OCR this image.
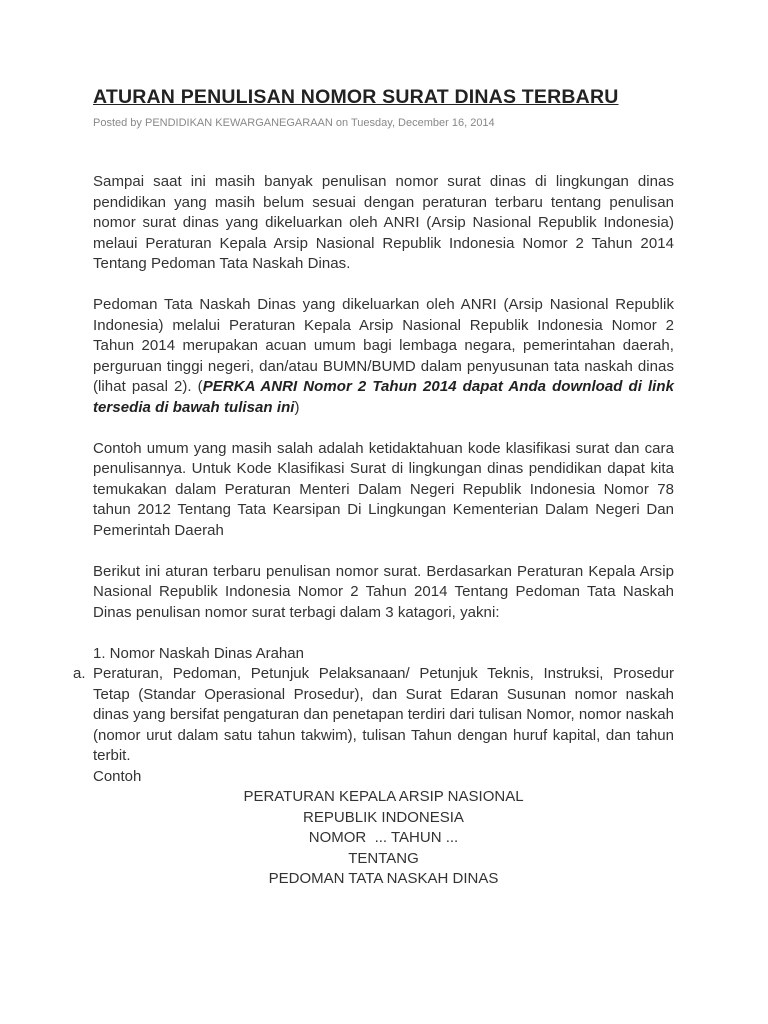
ATURAN PENULISAN NOMOR SURAT DINAS TERBARU
Posted by PENDIDIKAN KEWARGANEGARAAN on Tuesday, December 16, 2014

Sampai saat ini masih banyak penulisan nomor surat dinas di lingkungan dinas pendidikan yang masih belum sesuai dengan peraturan terbaru tentang penulisan nomor surat dinas yang dikeluarkan oleh ANRI (Arsip Nasional Republik Indonesia) melaui Peraturan Kepala Arsip Nasional Republik Indonesia Nomor 2 Tahun 2014 Tentang Pedoman Tata Naskah Dinas.

Pedoman Tata Naskah Dinas yang dikeluarkan oleh ANRI (Arsip Nasional Republik Indonesia) melalui Peraturan Kepala Arsip Nasional Republik Indonesia Nomor 2 Tahun 2014 merupakan acuan umum bagi lembaga negara, pemerintahan daerah, perguruan tinggi negeri, dan/atau BUMN/BUMD dalam penyusunan tata naskah dinas (lihat pasal 2). (PERKA ANRI Nomor 2 Tahun 2014 dapat Anda download di link tersedia di bawah tulisan ini)

Contoh umum yang masih salah adalah ketidaktahuan kode klasifikasi surat dan cara penulisannya. Untuk Kode Klasifikasi Surat di lingkungan dinas pendidikan dapat kita temukakan dalam Peraturan Menteri Dalam Negeri Republik Indonesia Nomor 78 tahun 2012 Tentang Tata Kearsipan Di Lingkungan Kementerian Dalam Negeri Dan Pemerintah Daerah

Berikut ini aturan terbaru penulisan nomor surat. Berdasarkan Peraturan Kepala Arsip Nasional Republik Indonesia Nomor 2 Tahun 2014 Tentang Pedoman Tata Naskah Dinas penulisan nomor surat terbagi dalam 3 katagori, yakni:

1. Nomor Naskah Dinas Arahan

a. Peraturan, Pedoman, Petunjuk Pelaksanaan/ Petunjuk Teknis, Instruksi, Prosedur Tetap (Standar Operasional Prosedur), dan Surat Edaran Susunan nomor naskah dinas yang bersifat pengaturan dan penetapan terdiri dari tulisan Nomor, nomor naskah (nomor urut dalam satu tahun takwim), tulisan Tahun dengan huruf kapital, dan tahun terbit.

Contoh

PERATURAN KEPALA ARSIP NASIONAL

REPUBLIK INDONESIA

NOMOR  ... TAHUN ...

TENTANG

PEDOMAN TATA NASKAH DINAS
